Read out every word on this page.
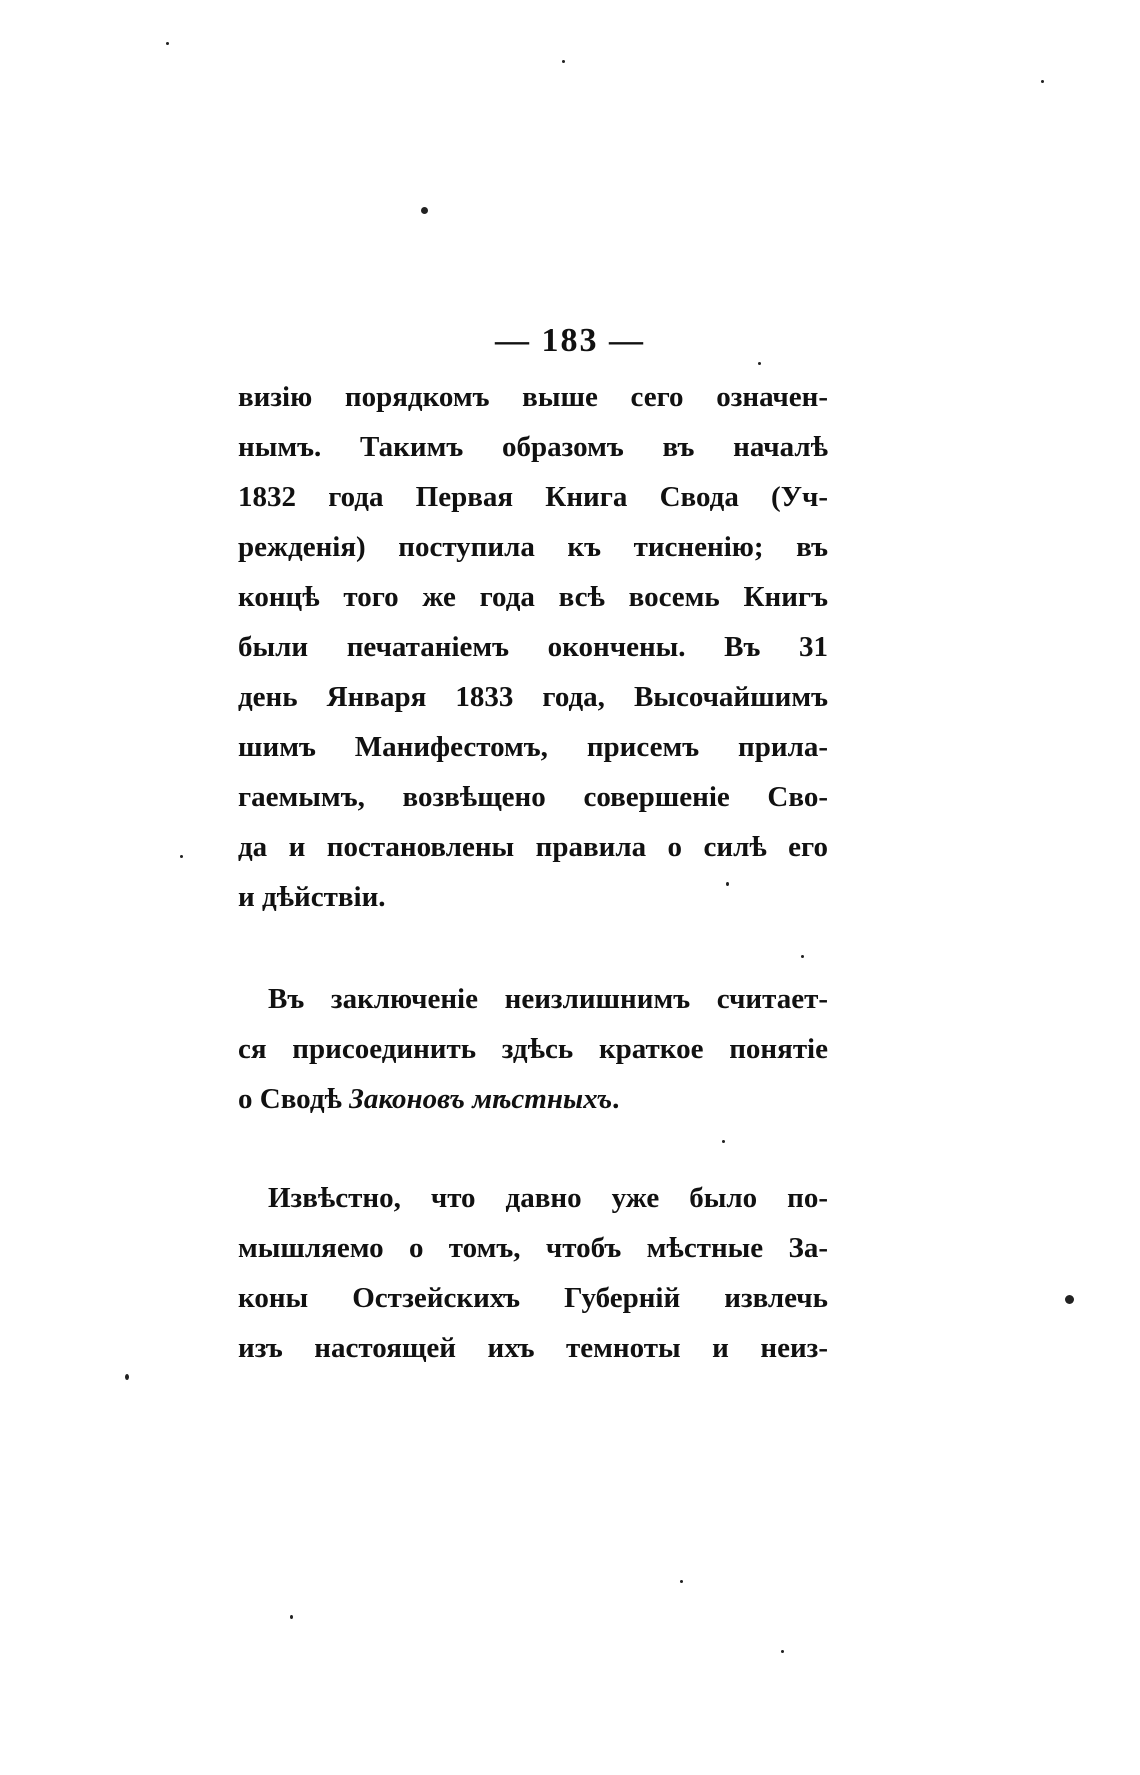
— 183 —
визію порядкомъ выше сего означен-
нымъ. Такимъ образомъ въ началѣ
1832 года Первая Книга Свода (Уч-
режденія) поступила къ тисненію; въ
концѣ того же года всѣ восемь Книгъ
были печатаніемъ окончены. Въ 31
день Января 1833 года, Высочайшимъ
шимъ Манифестомъ, присемъ прила-
гаемымъ, возвѣщено совершеніе Сво-
да и постановлены правила о силѣ его
и дѣйствіи.
Въ заключеніе неизлишнимъ считает-
ся присоединить здѣсь краткое понятіе
о Сводѣ Законовъ мѣстныхъ.
Извѣстно, что давно уже было по-
мышляемо о томъ, чтобъ мѣстные За-
коны Остзейскихъ Губерній извлечь
изъ настоящей ихъ темноты и неиз-
